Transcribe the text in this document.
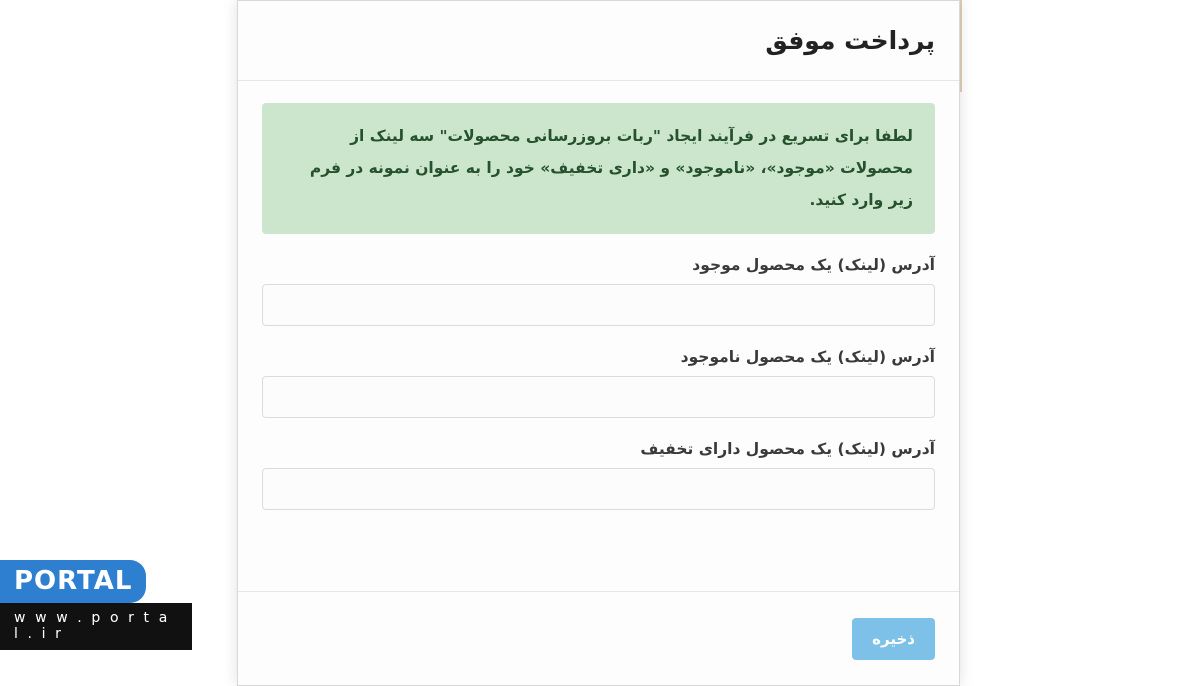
پرداخت موفق
لطفا برای تسریع در فرآیند ایجاد "ربات بروزرسانی محصولات" سه لینک از محصولات «موجود»، «ناموجود» و «داری تخفیف» خود را به عنوان نمونه در فرم زیر وارد کنید.
آدرس (لینک) یک محصول موجود
آدرس (لینک) یک محصول ناموجود
آدرس (لینک) یک محصول دارای تخفیف
ذخیره
PORTAL
w w w . p o r t a l . i r
